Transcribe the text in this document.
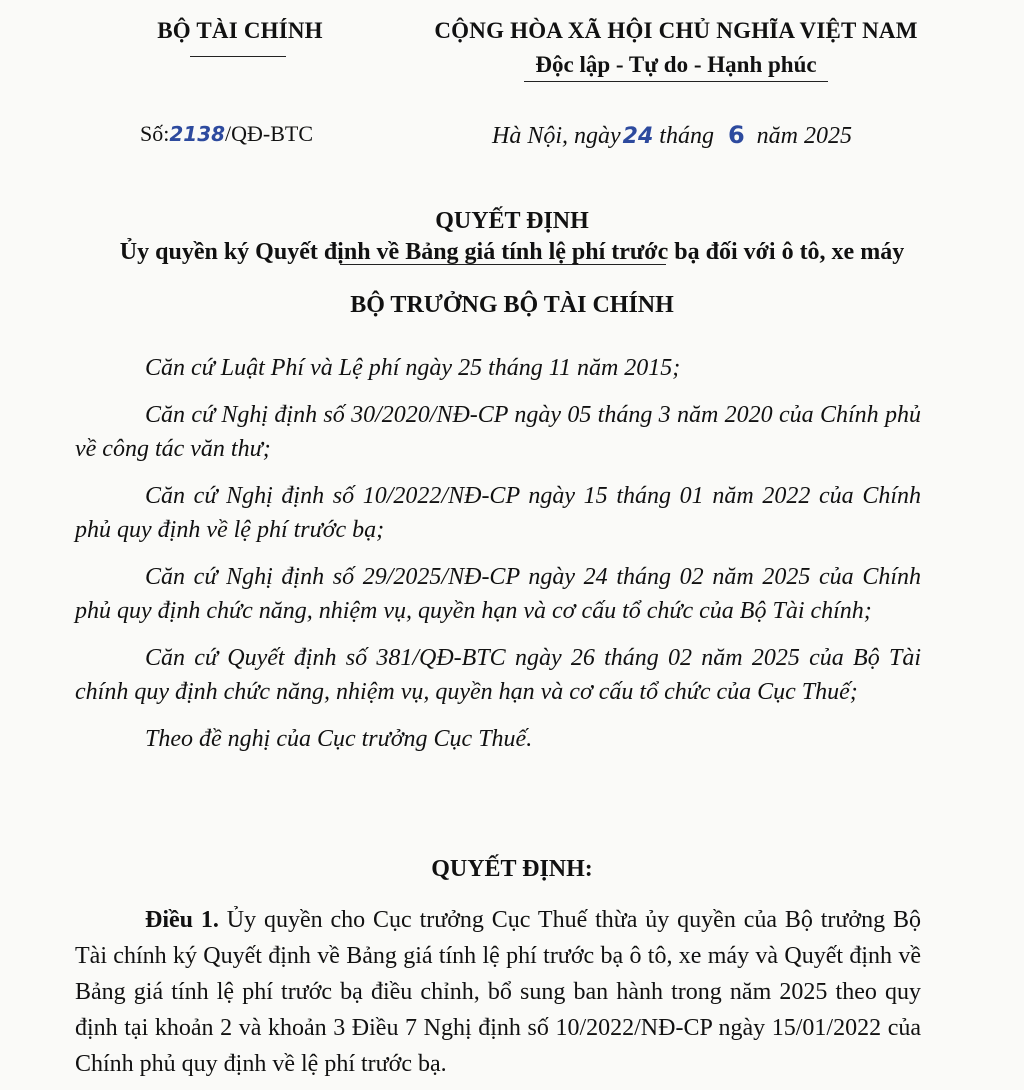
BỘ TÀI CHÍNH	CỘNG HÒA XÃ HỘI CHỦ NGHĨA VIỆT NAM
Độc lập - Tự do - Hạnh phúc
Số:2138/QĐ-BTC	Hà Nội, ngày24 tháng 6 năm 2025
QUYẾT ĐỊNH
Ủy quyền ký Quyết định về Bảng giá tính lệ phí trước bạ đối với ô tô, xe máy
BỘ TRƯỞNG BỘ TÀI CHÍNH

Căn cứ Luật Phí và Lệ phí ngày 25 tháng 11 năm 2015;

Căn cứ Nghị định số 30/2020/NĐ-CP ngày 05 tháng 3 năm 2020 của Chính phủ về công tác văn thư;

Căn cứ Nghị định số 10/2022/NĐ-CP ngày 15 tháng 01 năm 2022 của Chính phủ quy định về lệ phí trước bạ;

Căn cứ Nghị định số 29/2025/NĐ-CP ngày 24 tháng 02 năm 2025 của Chính phủ quy định chức năng, nhiệm vụ, quyền hạn và cơ cấu tổ chức của Bộ Tài chính;

Căn cứ Quyết định số 381/QĐ-BTC ngày 26 tháng 02 năm 2025 của Bộ Tài chính quy định chức năng, nhiệm vụ, quyền hạn và cơ cấu tổ chức của Cục Thuế;

Theo đề nghị của Cục trưởng Cục Thuế.

QUYẾT ĐỊNH:
Điều 1. Ủy quyền cho Cục trưởng Cục Thuế thừa ủy quyền của Bộ trưởng Bộ Tài chính ký Quyết định về Bảng giá tính lệ phí trước bạ ô tô, xe máy và Quyết định về Bảng giá tính lệ phí trước bạ điều chỉnh, bổ sung ban hành trong năm 2025 theo quy định tại khoản 2 và khoản 3 Điều 7 Nghị định số 10/2022/NĐ-CP ngày 15/01/2022 của Chính phủ quy định về lệ phí trước bạ.
